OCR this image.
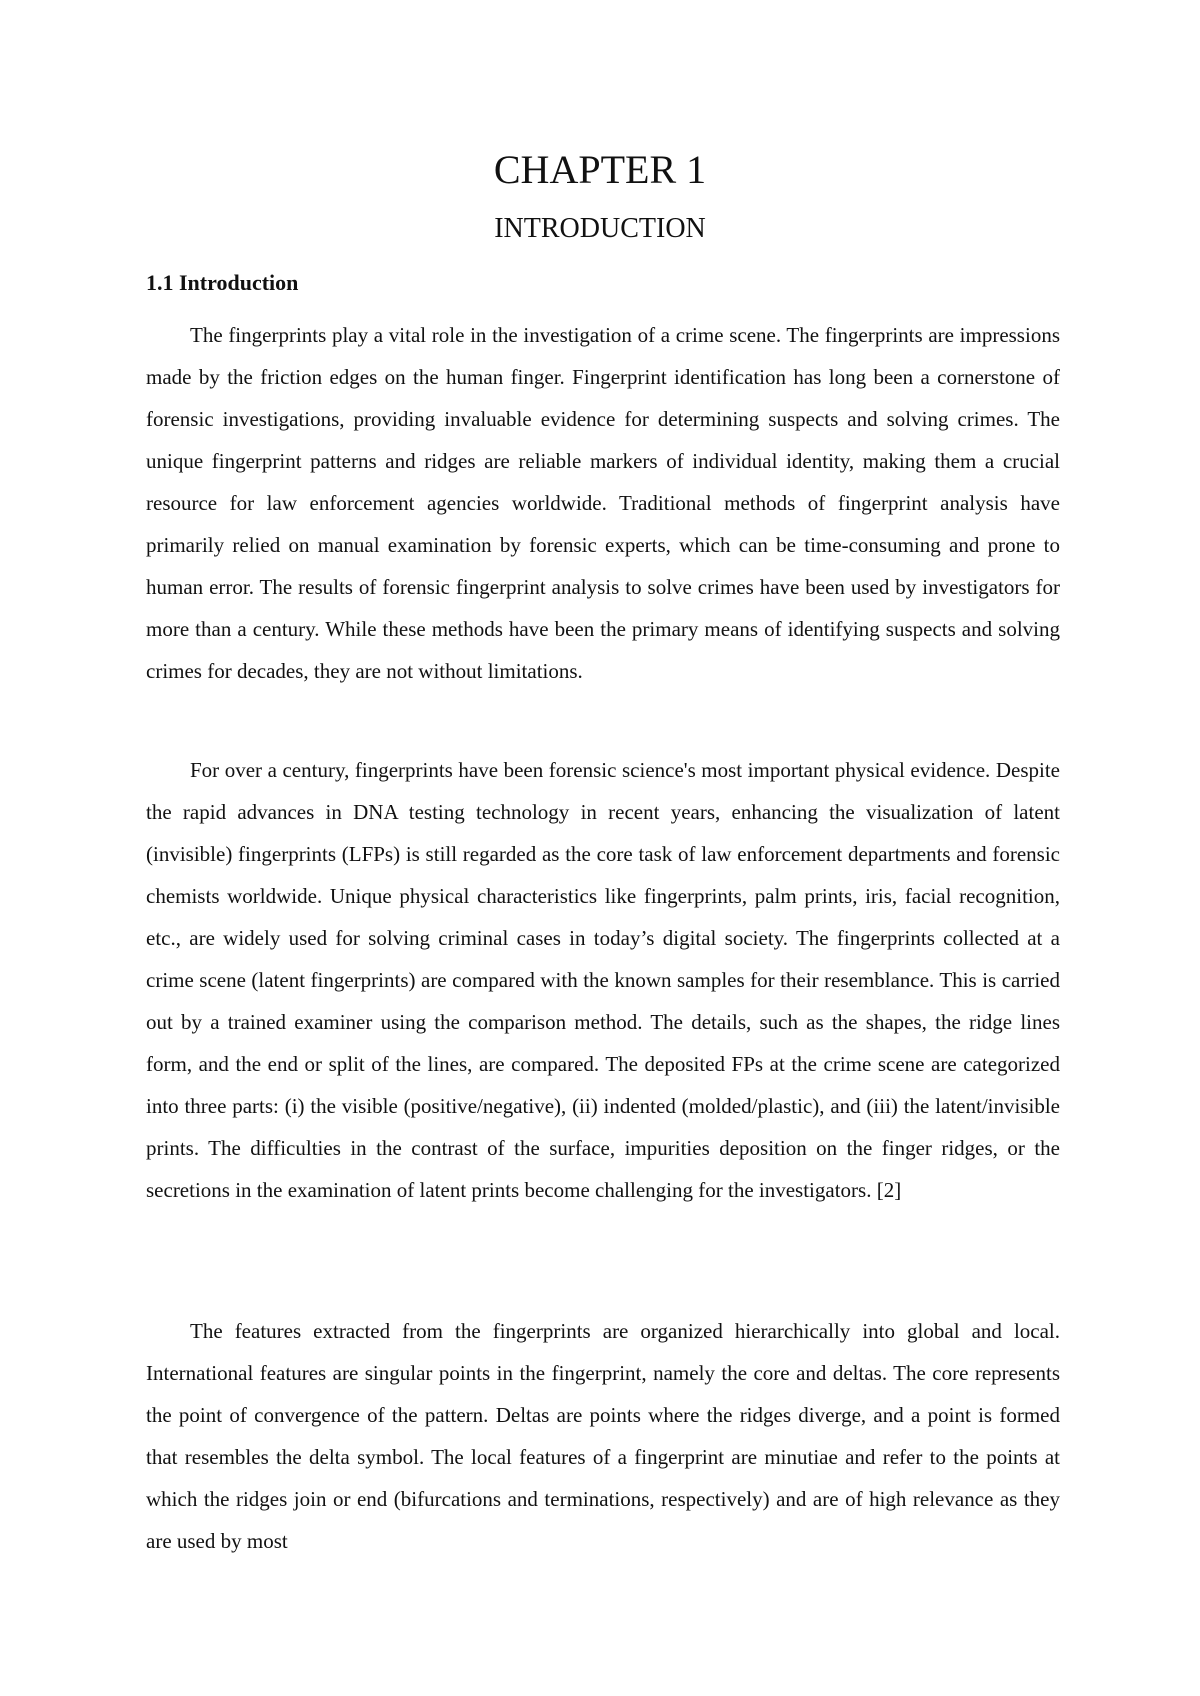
CHAPTER 1
INTRODUCTION
1.1 Introduction

The fingerprints play a vital role in the investigation of a crime scene. The fingerprints are impressions made by the friction edges on the human finger. Fingerprint identification has long been a cornerstone of forensic investigations, providing invaluable evidence for determining suspects and solving crimes. The unique fingerprint patterns and ridges are reliable markers of individual identity, making them a crucial resource for law enforcement agencies worldwide. Traditional methods of fingerprint analysis have primarily relied on manual examination by forensic experts, which can be time-consuming and prone to human error. The results of forensic fingerprint analysis to solve crimes have been used by investigators for more than a century. While these methods have been the primary means of identifying suspects and solving crimes for decades, they are not without limitations.

For over a century, fingerprints have been forensic science's most important physical evidence. Despite the rapid advances in DNA testing technology in recent years, enhancing the visualization of latent (invisible) fingerprints (LFPs) is still regarded as the core task of law enforcement departments and forensic chemists worldwide. Unique physical characteristics like fingerprints, palm prints, iris, facial recognition, etc., are widely used for solving criminal cases in today’s digital society. The fingerprints collected at a crime scene (latent fingerprints) are compared with the known samples for their resemblance. This is carried out by a trained examiner using the comparison method. The details, such as the shapes, the ridge lines form, and the end or split of the lines, are compared. The deposited FPs at the crime scene are categorized into three parts: (i) the visible (positive/negative), (ii) indented (molded/plastic), and (iii) the latent/invisible prints. The difficulties in the contrast of the surface, impurities deposition on the finger ridges, or the secretions in the examination of latent prints become challenging for the investigators. [2]

The features extracted from the fingerprints are organized hierarchically into global and local. International features are singular points in the fingerprint, namely the core and deltas. The core represents the point of convergence of the pattern. Deltas are points where the ridges diverge, and a point is formed that resembles the delta symbol. The local features of a fingerprint are minutiae and refer to the points at which the ridges join or end (bifurcations and terminations, respectively) and are of high relevance as they are used by most
